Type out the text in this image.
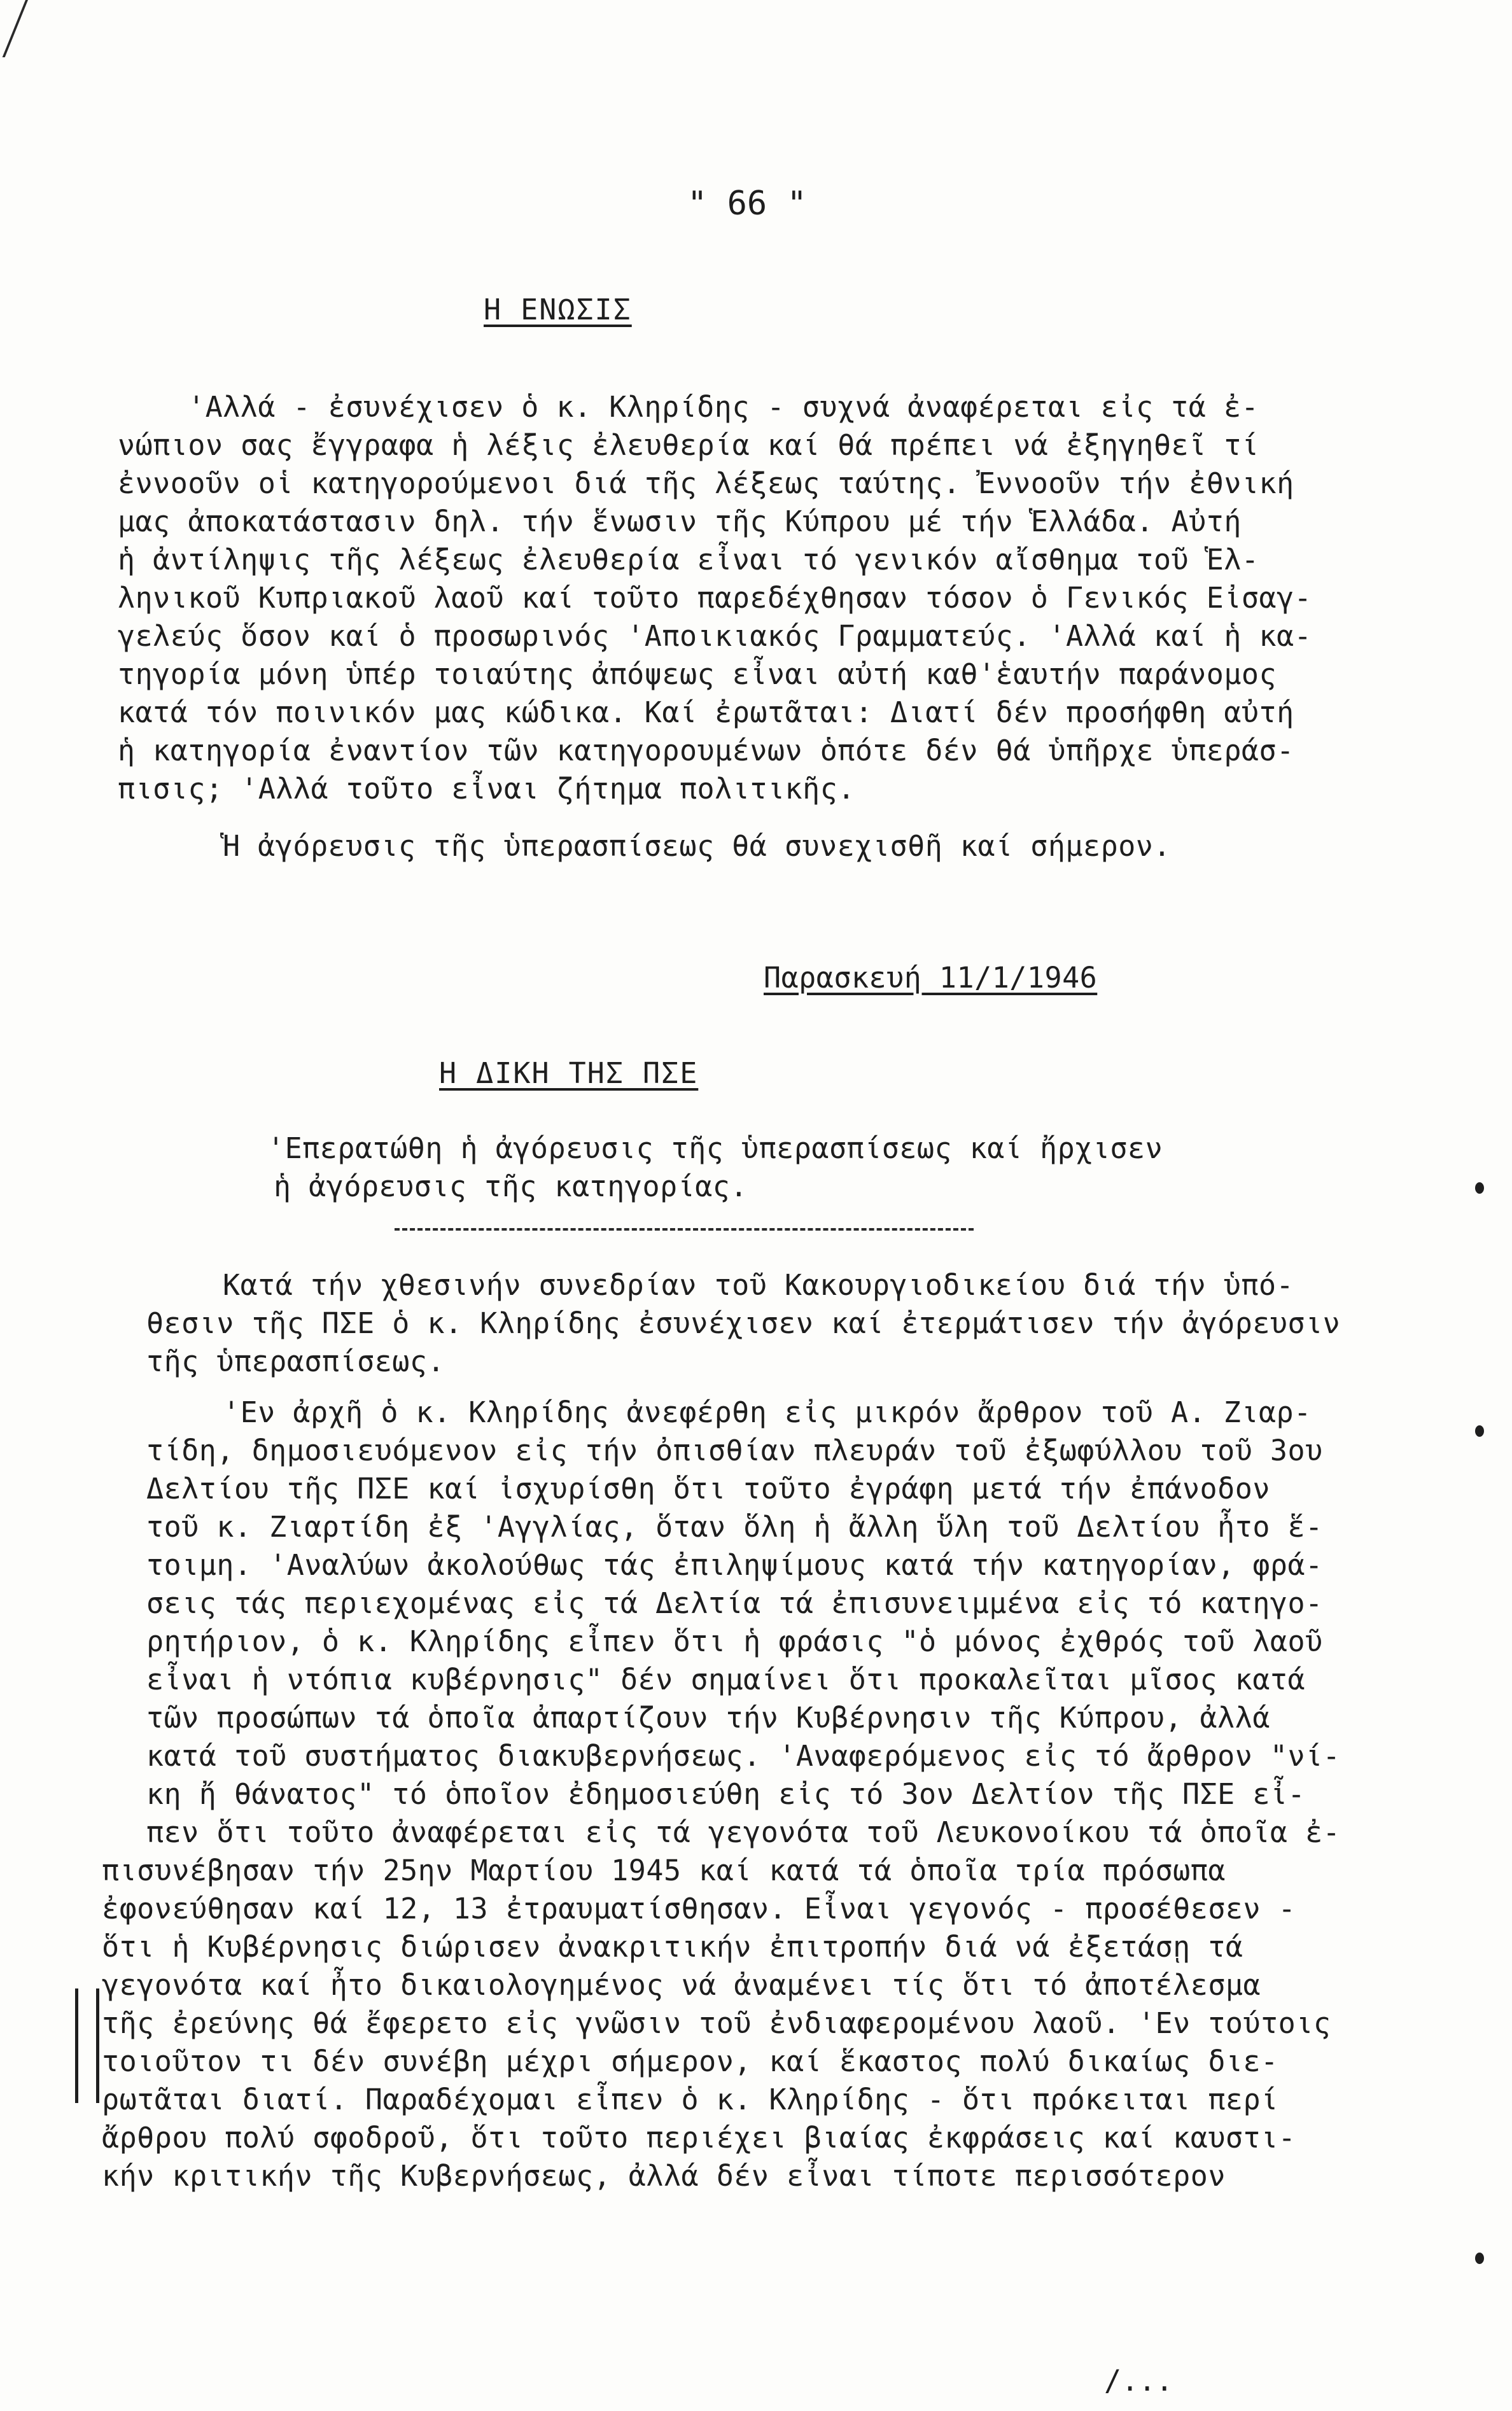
" 66 "
Η ΕΝΩΣΙΣ
'Αλλά - ἐσυνέχισεν ὁ κ. Κληρίδης - συχνά ἀναφέρεται εἰς τά ἐ-
νώπιον σας ἔγγραφα ἡ λέξις ἐλευθερία καί θά πρέπει νά ἐξηγηθεῖ τί
ἐννοοῦν οἱ κατηγορούμενοι διά τῆς λέξεως ταύτης. Ἐννοοῦν τήν ἐθνική
μας ἀποκατάστασιν δηλ. τήν ἕνωσιν τῆς Κύπρου μέ τήν Ἑλλάδα. Αὐτή
ἡ ἀντίληψις τῆς λέξεως ἐλευθερία εἶναι τό γενικόν αἴσθημα τοῦ Ἑλ-
ληνικοῦ Κυπριακοῦ λαοῦ καί τοῦτο παρεδέχθησαν τόσον ὁ Γενικός Εἰσαγ-
γελεύς ὅσον καί ὁ προσωρινός 'Αποικιακός Γραμματεύς. 'Αλλά καί ἡ κα-
τηγορία μόνη ὑπέρ τοιαύτης ἀπόψεως εἶναι αὐτή καθ'ἑαυτήν παράνομος
κατά τόν ποινικόν μας κώδικα. Καί ἐρωτᾶται: Διατί δέν προσήφθη αὐτή
ἡ κατηγορία ἐναντίον τῶν κατηγορουμένων ὁπότε δέν θά ὑπῆρχε ὑπεράσ-
πισις; 'Αλλά τοῦτο εἶναι ζήτημα πολιτικῆς.
Ἡ ἀγόρευσις τῆς ὑπερασπίσεως θά συνεχισθῆ καί σήμερον.
Παρασκευή 11/1/1946
Η ΔΙΚΗ ΤΗΣ ΠΣΕ
'Επερατώθη ἡ ἀγόρευσις τῆς ὑπερασπίσεως καί ἤρχισεν
ἡ ἀγόρευσις τῆς κατηγορίας.
Κατά τήν χθεσινήν συνεδρίαν τοῦ Κακουργιοδικείου διά τήν ὑπό-
θεσιν τῆς ΠΣΕ ὁ κ. Κληρίδης ἐσυνέχισεν καί ἐτερμάτισεν τήν ἀγόρευσιν
τῆς ὑπερασπίσεως.
'Εν ἀρχῆ ὁ κ. Κληρίδης ἀνεφέρθη εἰς μικρόν ἄρθρον τοῦ Α. Ζιαρ-
τίδη, δημοσιευόμενον εἰς τήν ὀπισθίαν πλευράν τοῦ ἐξωφύλλου τοῦ 3ου
Δελτίου τῆς ΠΣΕ καί ἰσχυρίσθη ὅτι τοῦτο ἐγράφη μετά τήν ἐπάνοδον
τοῦ κ. Ζιαρτίδη ἐξ 'Αγγλίας, ὅταν ὅλη ἡ ἄλλη ὕλη τοῦ Δελτίου ἦτο ἕ-
τοιμη. 'Αναλύων ἀκολούθως τάς ἐπιληψίμους κατά τήν κατηγορίαν, φρά-
σεις τάς περιεχομένας εἰς τά Δελτία τά ἐπισυνειμμένα εἰς τό κατηγο-
ρητήριον, ὁ κ. Κληρίδης εἶπεν ὅτι ἡ φράσις "ὁ μόνος ἐχθρός τοῦ λαοῦ
εἶναι ἡ ντόπια κυβέρνησις" δέν σημαίνει ὅτι προκαλεῖται μῖσος κατά
τῶν προσώπων τά ὁποῖα ἀπαρτίζουν τήν Κυβέρνησιν τῆς Κύπρου, ἀλλά
κατά τοῦ συστήματος διακυβερνήσεως. 'Αναφερόμενος εἰς τό ἄρθρον "νί-
κη ἤ θάνατος" τό ὁποῖον ἐδημοσιεύθη εἰς τό 3ον Δελτίον τῆς ΠΣΕ εἶ-
πεν ὅτι τοῦτο ἀναφέρεται εἰς τά γεγονότα τοῦ Λευκονοίκου τά ὁποῖα ἐ-
πισυνέβησαν τήν 25ην Μαρτίου 1945 καί κατά τά ὁποῖα τρία πρόσωπα
ἐφονεύθησαν καί 12, 13 ἐτραυματίσθησαν. Εἶναι γεγονός - προσέθεσεν -
ὅτι ἡ Κυβέρνησις διώρισεν ἀνακριτικήν ἐπιτροπήν διά νά ἐξετάσῃ τά
γεγονότα καί ἦτο δικαιολογημένος νά ἀναμένει τίς ὅτι τό ἀποτέλεσμα
τῆς ἐρεύνης θά ἔφερετο εἰς γνῶσιν τοῦ ἐνδιαφερομένου λαοῦ. 'Εν τούτοις
τοιοῦτον τι δέν συνέβη μέχρι σήμερον, καί ἕκαστος πολύ δικαίως διε-
ρωτᾶται διατί. Παραδέχομαι εἶπεν ὁ κ. Κληρίδης - ὅτι πρόκειται περί
ἄρθρου πολύ σφοδροῦ, ὅτι τοῦτο περιέχει βιαίας ἐκφράσεις καί καυστι-
κήν κριτικήν τῆς Κυβερνήσεως, ἀλλά δέν εἶναι τίποτε περισσότερον
/...
